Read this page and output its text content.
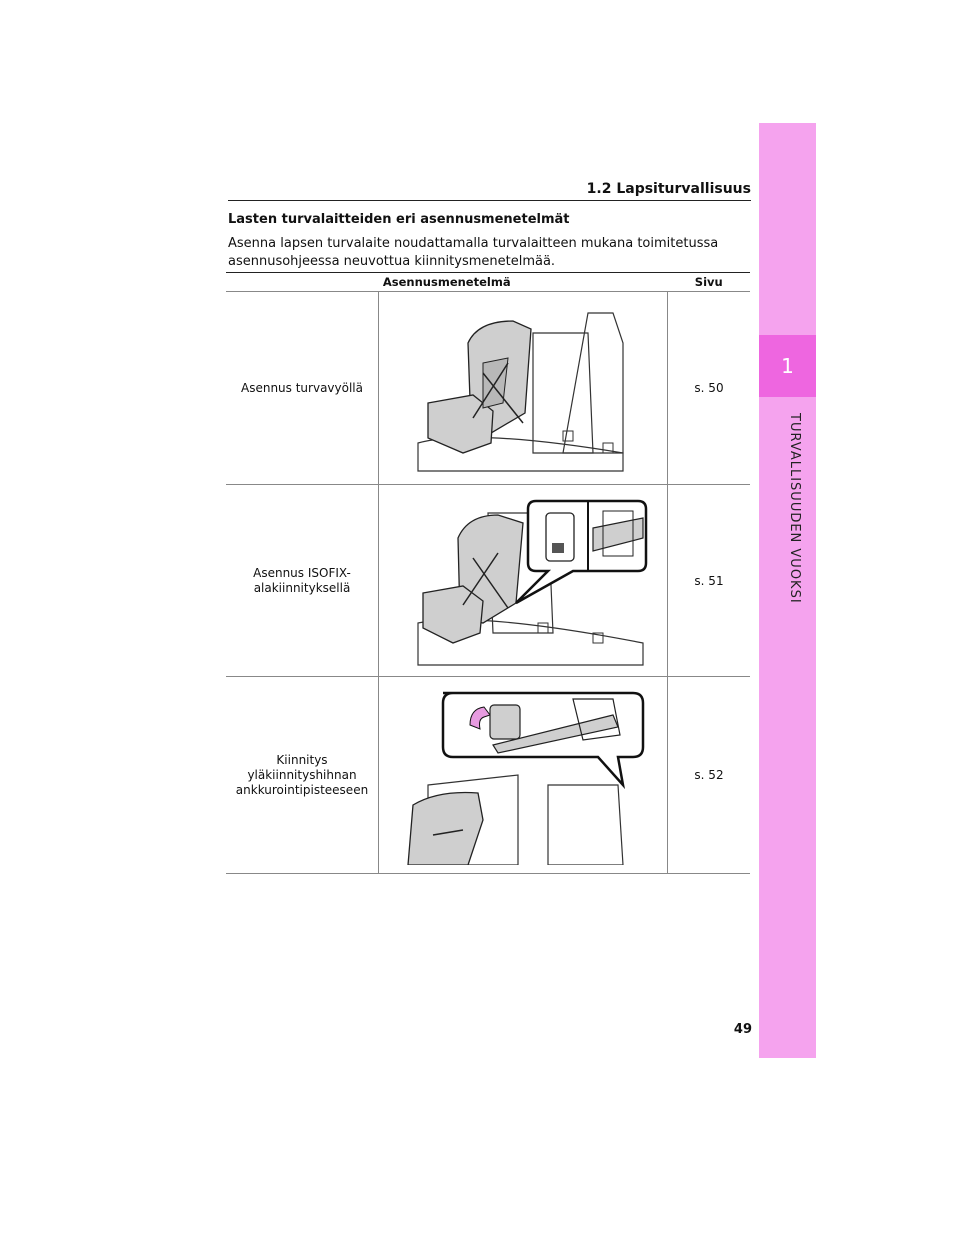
1
TURVALLISUUDEN VUOKSI
1.2 Lapsiturvallisuus
Lasten turvalaitteiden eri asennusmenetelmät
Asenna lapsen turvalaite noudattamalla turvalaitteen mukana toimitetussa asennusohjeessa neuvottua kiinnitysmenetelmää.
Asennusmenetelmä		Sivu
Asennus turvavyöllä		s. 50
Asennus ISOFIX-alakiinnityksellä		s. 51
Kiinnitys yläkiinnityshihnan ankkurointipisteeseen		s. 52
49
